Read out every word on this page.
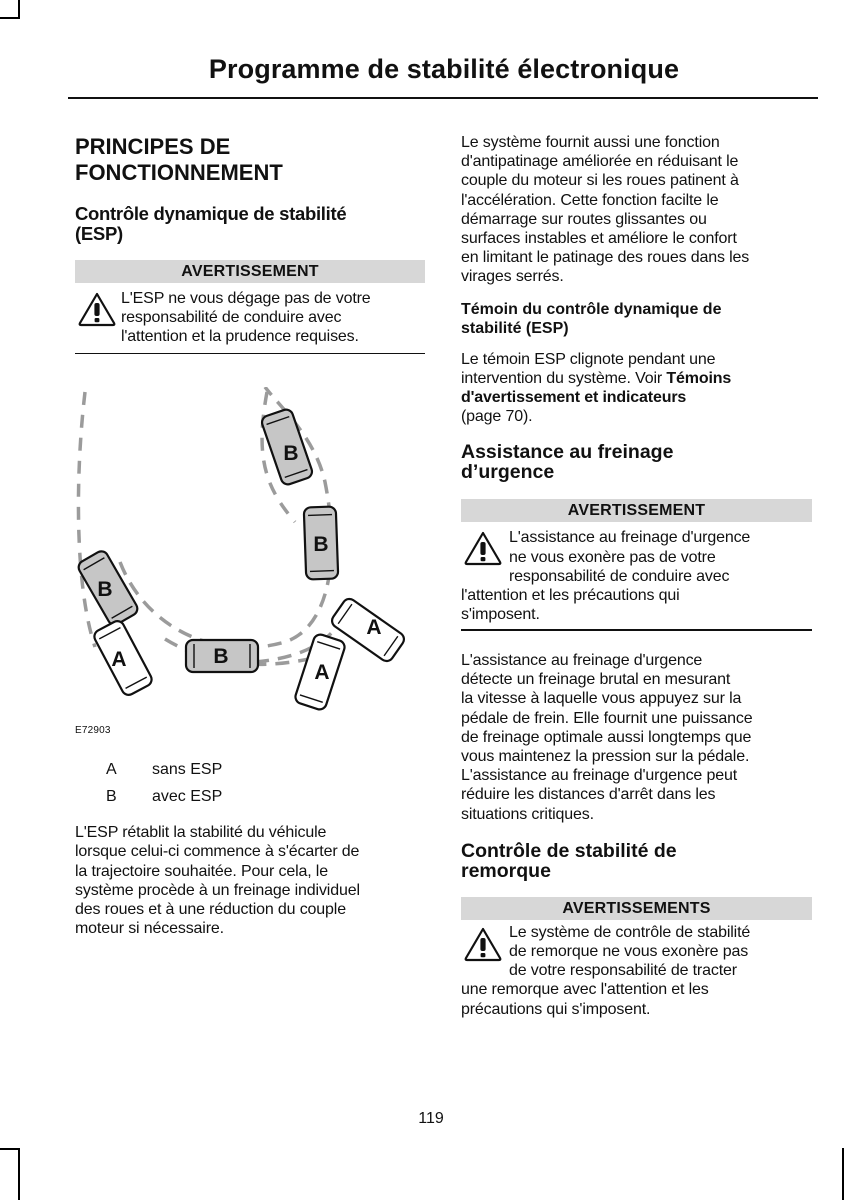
Programme de stabilité électronique
PRINCIPES DE
FONCTIONNEMENT
Contrôle dynamique de stabilité
(ESP)
AVERTISSEMENT
L'ESP ne vous dégage pas de votre
responsabilité de conduire avec
l'attention et la prudence requises.
B
B
B
B
A
A
A
E72903
A sans ESP
B avec ESP
L'ESP rétablit la stabilité du véhicule
lorsque celui-ci commence à s'écarter de
la trajectoire souhaitée. Pour cela, le
système procède à un freinage individuel
des roues et à une réduction du couple
moteur si nécessaire.
Le système fournit aussi une fonction
d'antipatinage améliorée en réduisant le
couple du moteur si les roues patinent à
l'accélération. Cette fonction facilte le
démarrage sur routes glissantes ou
surfaces instables et améliore le confort
en limitant le patinage des roues dans les
virages serrés.
Témoin du contrôle dynamique de
stabilité (ESP)
Le témoin ESP clignote pendant une
intervention du système. Voir Témoins
d'avertissement et indicateurs
(page 70).
Assistance au freinage
d’urgence
AVERTISSEMENT
L'assistance au freinage d'urgence
ne vous exonère pas de votre
responsabilité de conduire avec
l'attention et les précautions qui
s'imposent.
L'assistance au freinage d'urgence
détecte un freinage brutal en mesurant
la vitesse à laquelle vous appuyez sur la
pédale de frein. Elle fournit une puissance
de freinage optimale aussi longtemps que
vous maintenez la pression sur la pédale.
L'assistance au freinage d'urgence peut
réduire les distances d'arrêt dans les
situations critiques.
Contrôle de stabilité de
remorque
AVERTISSEMENTS
Le système de contrôle de stabilité
de remorque ne vous exonère pas
de votre responsabilité de tracter
une remorque avec l'attention et les
précautions qui s'imposent.
119
